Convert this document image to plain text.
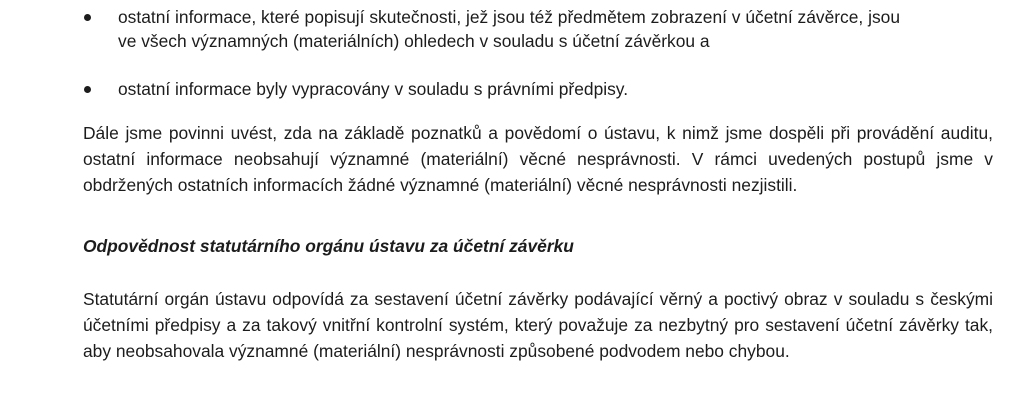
ostatní informace, které popisují skutečnosti, jež jsou též předmětem zobrazení v účetní závěrce, jsou
ve všech významných (materiálních) ohledech v souladu s účetní závěrkou a
ostatní informace byly vypracovány v souladu s právními předpisy.
Dále jsme povinni uvést, zda na základě poznatků a povědomí o ústavu, k nimž jsme dospěli při provádění auditu, ostatní informace neobsahují významné (materiální) věcné nesprávnosti. V rámci uvedených postupů jsme v obdržených ostatních informacích žádné významné (materiální) věcné nesprávnosti nezjistili.
Odpovědnost statutárního orgánu ústavu za účetní závěrku
Statutární orgán ústavu odpovídá za sestavení účetní závěrky podávající věrný a poctivý obraz v souladu s českými účetními předpisy a za takový vnitřní kontrolní systém, který považuje za nezbytný pro sestavení účetní závěrky tak, aby neobsahovala významné (materiální) nesprávnosti způsobené podvodem nebo chybou.
